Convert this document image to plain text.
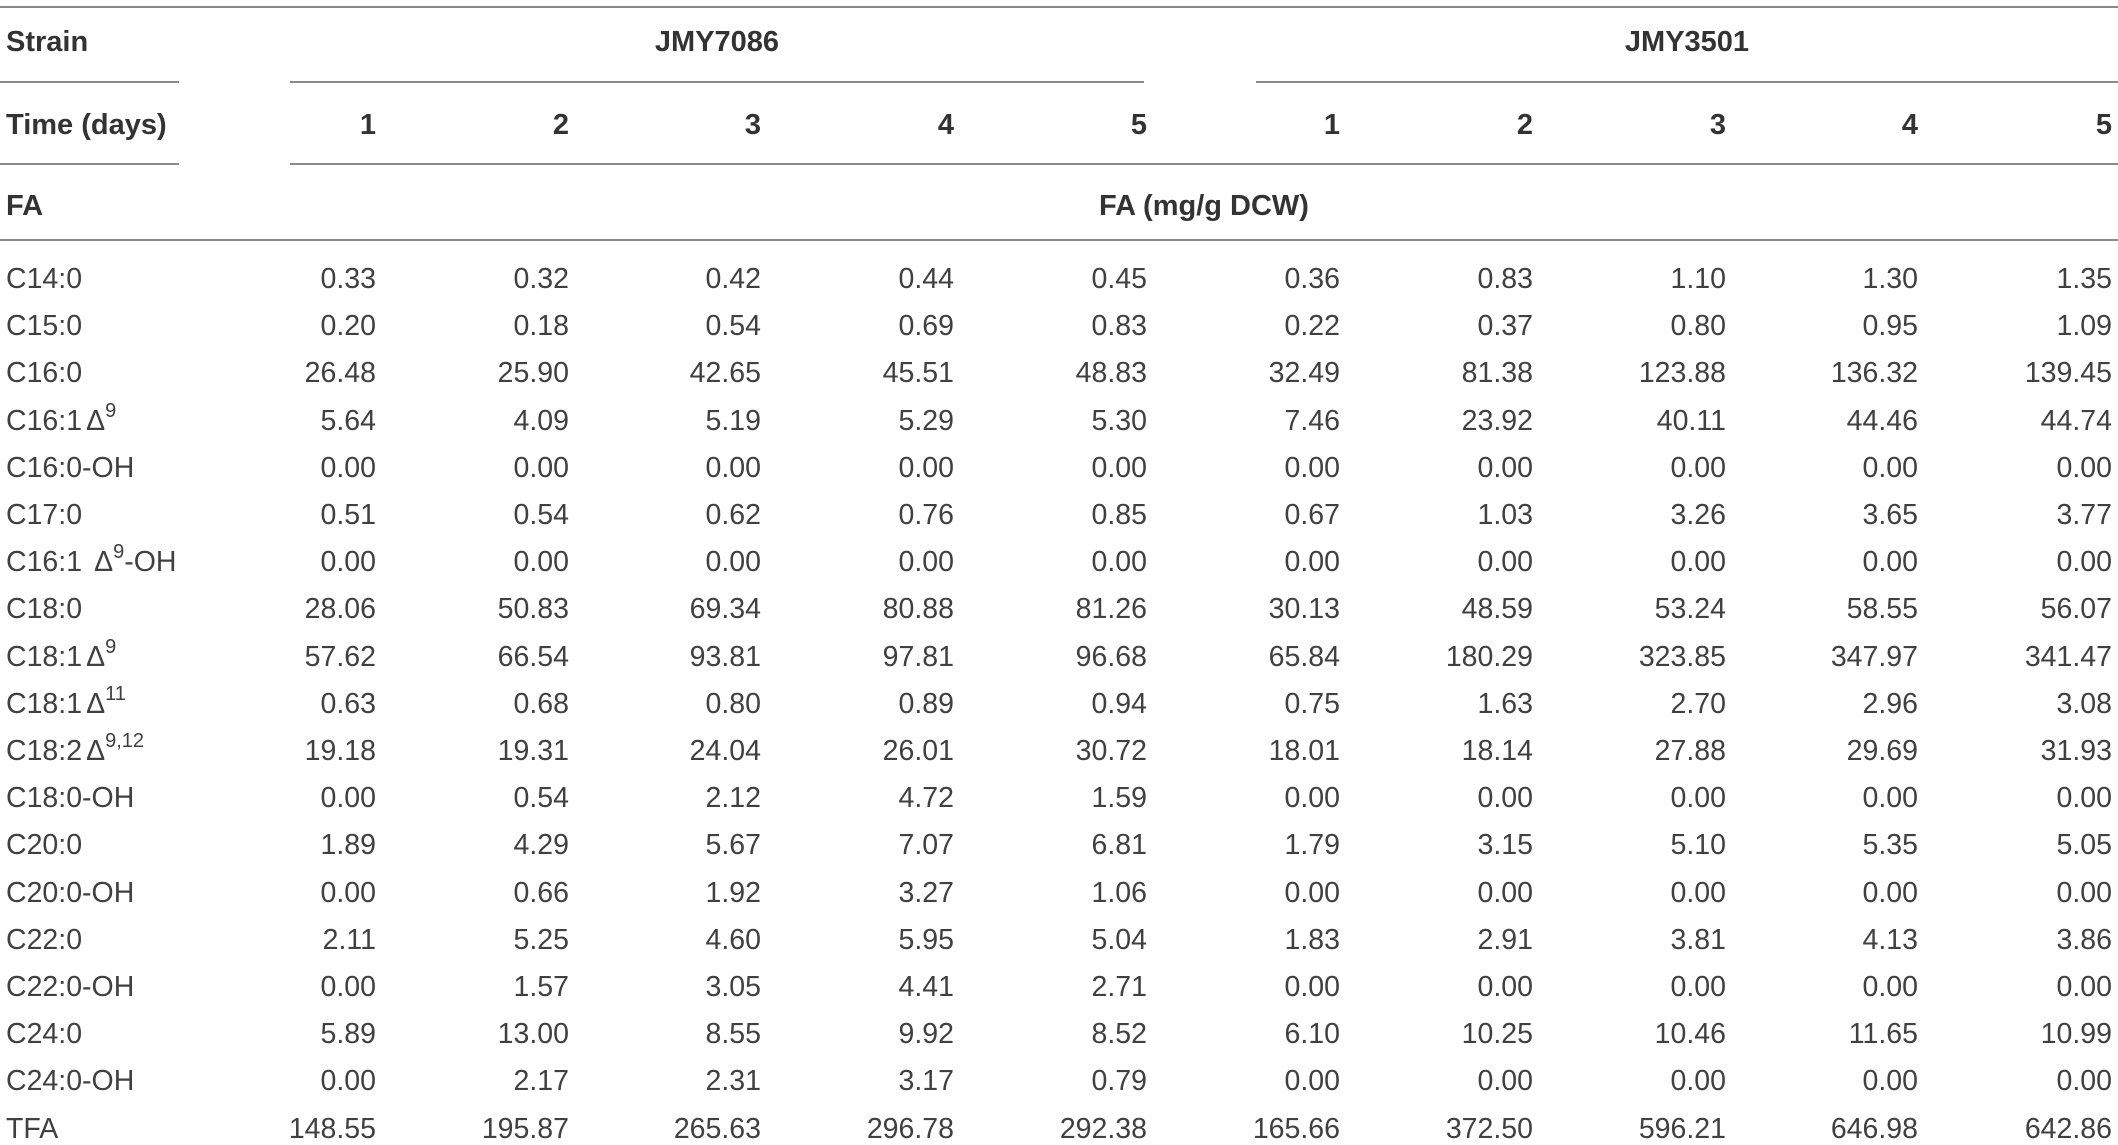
Strain	JMY7086	JMY3501
Time (days)	1	2	3	4	5	1	2	3	4	5
FA	FA (mg/g DCW)
C14:0	0.33	0.32	0.42	0.44	0.45	0.36	0.83	1.10	1.30	1.35
C15:0	0.20	0.18	0.54	0.69	0.83	0.22	0.37	0.80	0.95	1.09
C16:0	26.48	25.90	42.65	45.51	48.83	32.49	81.38	123.88	136.32	139.45
C16:1 $\Delta^9$	5.64	4.09	5.19	5.29	5.30	7.46	23.92	40.11	44.46	44.74
C16:0-OH	0.00	0.00	0.00	0.00	0.00	0.00	0.00	0.00	0.00	0.00
C17:0	0.51	0.54	0.62	0.76	0.85	0.67	1.03	3.26	3.65	3.77
C16:1 $\Delta^9-OH$	0.00	0.00	0.00	0.00	0.00	0.00	0.00	0.00	0.00	0.00
C18:0	28.06	50.83	69.34	80.88	81.26	30.13	48.59	53.24	58.55	56.07
C18:1 $\Delta^9$	57.62	66.54	93.81	97.81	96.68	65.84	180.29	323.85	347.97	341.47
C18:1 $\Delta^{11}$	0.63	0.68	0.80	0.89	0.94	0.75	1.63	2.70	2.96	3.08
C18:2 Δ$^{9,12}$	19.18	19.31	24.04	26.01	30.72	18.01	18.14	27.88	29.69	31.93
C18:0-OH	0.00	0.54	2.12	4.72	1.59	0.00	0.00	0.00	0.00	0.00
C20:0	1.89	4.29	5.67	7.07	6.81	1.79	3.15	5.10	5.35	5.05
C20:0-OH	0.00	0.66	1.92	3.27	1.06	0.00	0.00	0.00	0.00	0.00
C22:0	2.11	5.25	4.60	5.95	5.04	1.83	2.91	3.81	4.13	3.86
C22:0-OH	0.00	1.57	3.05	4.41	2.71	0.00	0.00	0.00	0.00	0.00
C24:0	5.89	13.00	8.55	9.92	8.52	6.10	10.25	10.46	11.65	10.99
C24:0-OH	0.00	2.17	2.31	3.17	0.79	0.00	0.00	0.00	0.00	0.00
TFA	148.55	195.87	265.63	296.78	292.38	165.66	372.50	596.21	646.98	642.86
